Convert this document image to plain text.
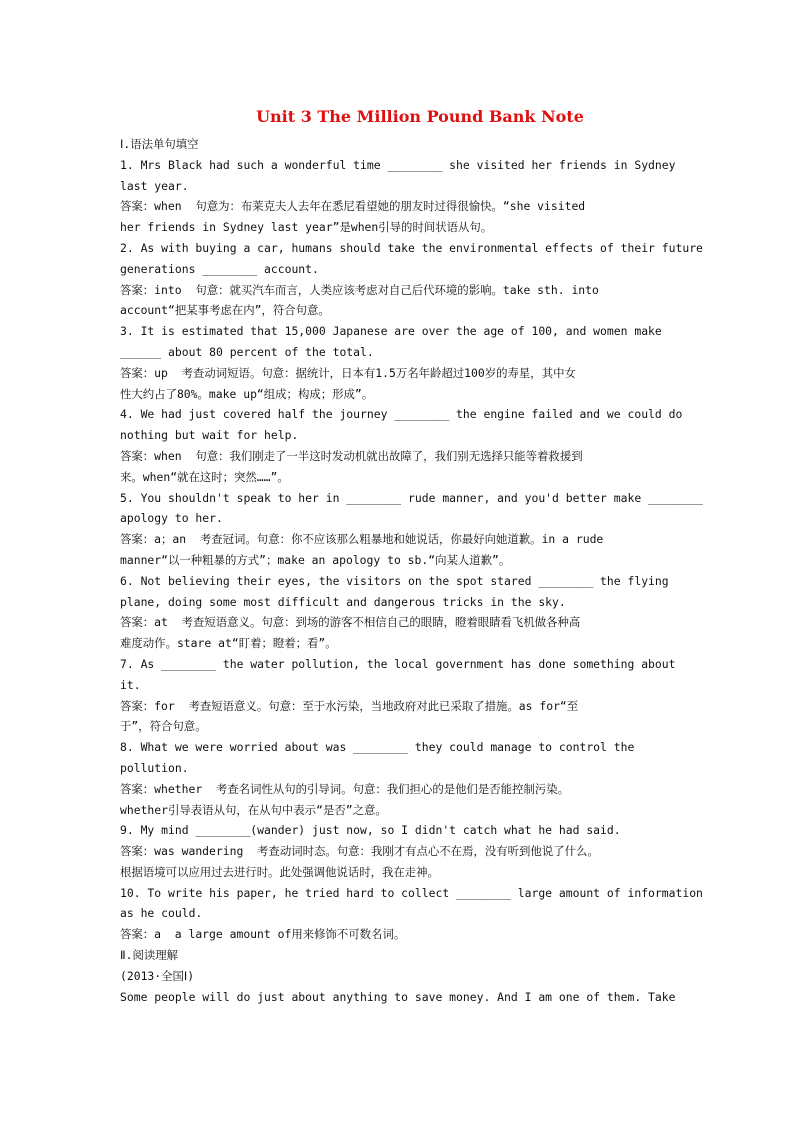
Unit 3 The Million Pound Bank Note
Ⅰ.语法单句填空
1. Mrs Black had such a wonderful time ________ she visited her friends in Sydney
last year.
答案：when  句意为：布莱克夫人去年在悉尼看望她的朋友时过得很愉快。“she visited
her friends in Sydney last year”是when引导的时间状语从句。
2. As with buying a car, humans should take the environmental effects of their future
generations ________ account.
答案：into  句意：就买汽车而言，人类应该考虑对自己后代环境的影响。take sth. into
account“把某事考虑在内”，符合句意。
3. It is estimated that 15,000 Japanese are over the age of 100, and women make
______ about 80 percent of the total.
答案：up  考查动词短语。句意：据统计，日本有1.5万名年龄超过100岁的寿星，其中女
性大约占了80%。make up“组成；构成；形成”。
4. We had just covered half the journey ________ the engine failed and we could do
nothing but wait for help.
答案：when  句意：我们刚走了一半这时发动机就出故障了，我们别无选择只能等着救援到
来。when“就在这时；突然……”。
5. You shouldn't speak to her in ________ rude manner, and you'd better make ________
apology to her.
答案：a；an  考查冠词。句意：你不应该那么粗暴地和她说话，你最好向她道歉。in a rude
manner“以一种粗暴的方式”；make an apology to sb.“向某人道歉”。
6. Not believing their eyes, the visitors on the spot stared ________ the flying
plane, doing some most difficult and dangerous tricks in the sky.
答案：at  考查短语意义。句意：到场的游客不相信自己的眼睛，瞪着眼睛看飞机做各种高
难度动作。stare at“盯着；瞪着；看”。
7. As ________ the water pollution, the local government has done something about
it.
答案：for  考查短语意义。句意：至于水污染，当地政府对此已采取了措施。as for“至
于”，符合句意。
8. What we were worried about was ________ they could manage to control the
pollution.
答案：whether  考查名词性从句的引导词。句意：我们担心的是他们是否能控制污染。
whether引导表语从句，在从句中表示“是否”之意。
9. My mind ________(wander) just now, so I didn't catch what he had said.
答案：was wandering  考查动词时态。句意：我刚才有点心不在焉，没有听到他说了什么。
根据语境可以应用过去进行时。此处强调他说话时，我在走神。
10. To write his paper, he tried hard to collect ________ large amount of information
as he could.
答案：a  a large amount of用来修饰不可数名词。
Ⅱ.阅读理解
(2013·全国Ⅰ)
Some people will do just about anything to save money. And I am one of them. Take
